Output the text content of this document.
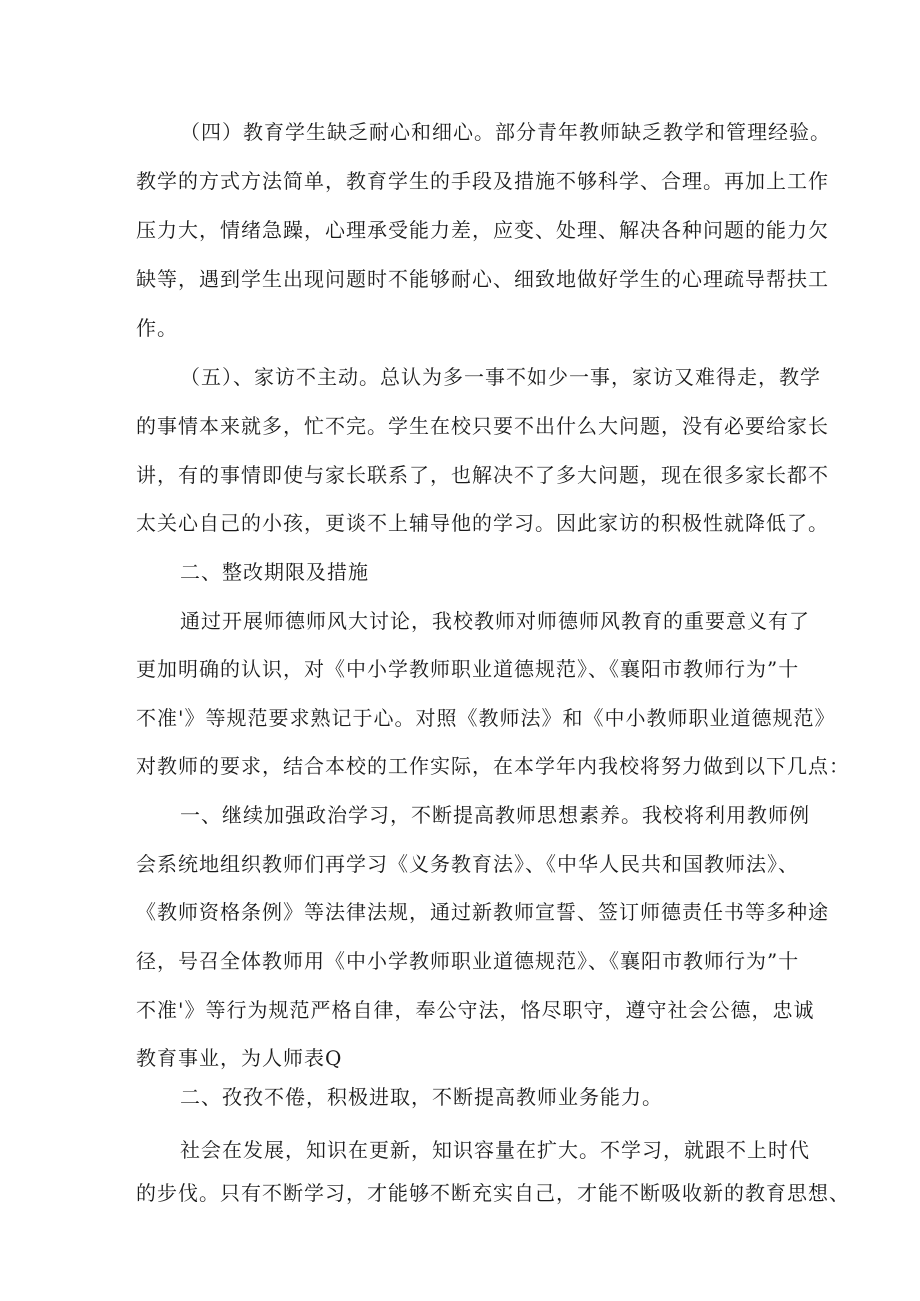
（四）教育学生缺乏耐心和细心。部分青年教师缺乏教学和管理经验。
教学的方式方法简单，教育学生的手段及措施不够科学、合理。再加上工作
压力大，情绪急躁，心理承受能力差，应变、处理、解决各种问题的能力欠
缺等，遇到学生出现问题时不能够耐心、细致地做好学生的心理疏导帮扶工
作。
（五）、家访不主动。总认为多一事不如少一事，家访又难得走，教学
的事情本来就多，忙不完。学生在校只要不出什么大问题，没有必要给家长
讲，有的事情即使与家长联系了，也解决不了多大问题，现在很多家长都不
太关心自己的小孩，更谈不上辅导他的学习。因此家访的积极性就降低了。
二、整改期限及措施
通过开展师德师风大讨论，我校教师对师德师风教育的重要意义有了
更加明确的认识，对《中小学教师职业道德规范》、《襄阳市教师行为”十
不准'》等规范要求熟记于心。对照《教师法》和《中小教师职业道德规范》
对教师的要求，结合本校的工作实际，在本学年内我校将努力做到以下几点：
一、继续加强政治学习，不断提高教师思想素养。我校将利用教师例
会系统地组织教师们再学习《义务教育法》、《中华人民共和国教师法》、
《教师资格条例》等法律法规，通过新教师宣誓、签订师德责任书等多种途
径，号召全体教师用《中小学教师职业道德规范》、《襄阳市教师行为”十
不准'》等行为规范严格自律，奉公守法，恪尽职守，遵守社会公德，忠诚
教育事业，为人师表Q
二、孜孜不倦，积极进取，不断提高教师业务能力。
社会在发展，知识在更新，知识容量在扩大。不学习，就跟不上时代
的步伐。只有不断学习，才能够不断充实自己，才能不断吸收新的教育思想、
